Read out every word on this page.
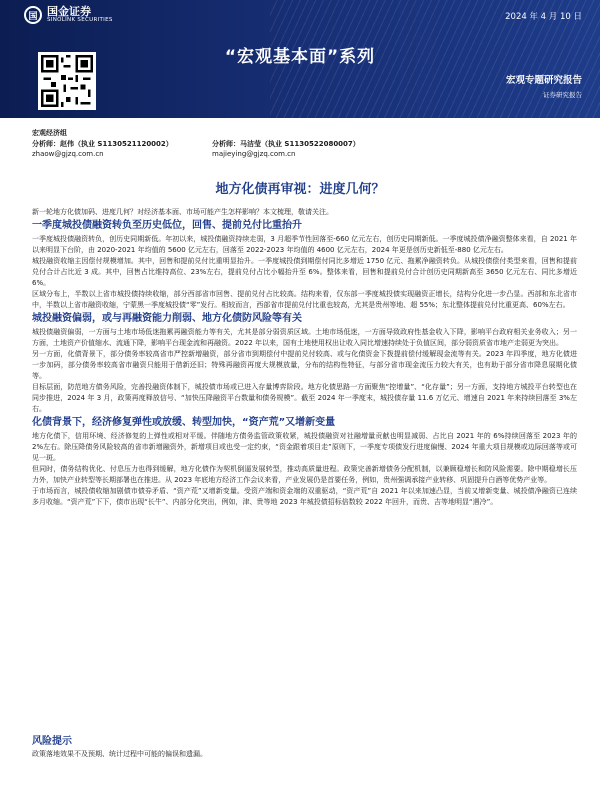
国 国金证券
SINOLINK SECURITIES	2024 年 4 月 10 日
“宏观基本面”系列
宏观专题研究报告
证券研究报告
宏观经济组
分析师：赵伟（执业 S1130521120002）	分析师：马洁莹（执业 S1130522080007）
zhaow@gjzq.com.cn	majieying@gjzq.com.cn
地方化债再审视：进度几何？

新一轮地方化债加码、进度几何？对经济基本面、市场可能产生怎样影响？本文梳理，敬请关注。

一季度城投债融资转负至历史低位，回售、提前兑付比重抬升

一季度城投债融资转负，创历史同期新低。年初以来，城投债融资持续走弱，3 月超季节性回落至-660 亿元左右，创历史同期新低。一季度城投债净融资整体来看，自 2021 年以来明显下台阶，由 2020-2021 年均值的 5600 亿元左右，回落至 2022-2023 年均值的 4600 亿元左右，2024 年更是创历史新低至-880 亿元左右。

城投融资收缩主因偿付规模增加。其中，回售和提前兑付比重明显抬升。一季度城投债到期偿付同比多增近 1750 亿元、拖累净融资转负。从城投债偿付类型来看，回售和提前兑付合计占比近 3 成。其中，回售占比维持高位、23%左右，提前兑付占比小幅抬升至 6%。整体来看，回售和提前兑付合计创历史同期新高至 3650 亿元左右、同比多增近 6%。

区域分布上，半数以上省市城投债持续收缩，部分西部省市回售、提前兑付占比较高。结构来看，仅东部一季度城投债实现融资正增长，结构分化进一步凸显。西部和东北省市中，半数以上省市融资收缩，宁蒙黑一季度城投债“零”发行。相较而言，西部省市提前兑付比重也较高，尤其是贵州等地、超 55%；东北整体提前兑付比重更高、60%左右。

城投融资偏弱，或与再融资能力削弱、地方化债防风险等有关

城投债融资偏弱，一方面与土地市场低迷拖累再融资能力等有关，尤其是部分弱资质区域。土地市场低迷，一方面导致政府性基金收入下降，影响平台政府相关业务收入；另一方面，土地资产价值缩水、流通下降，影响平台现金流和再融资。2022 年以来，国有土地使用权出让收入同比增速持续处于负值区间，部分弱资质省市地产走弱更为突出。

另一方面，化债背景下，部分债务率较高省市严控新增融资，部分省市到期偿付中提前兑付较高、或与化债资金下拨提前偿付缓解现金流等有关。2023 年四季度，地方化债进一步加码，部分债务率较高省市融资只能用于借新还旧；特殊再融资再度大规模放量，分布的结构性特征，与部分省市现金流压力较大有关，也有助于部分省市降息展期化债等。

目标层面，防范地方债务风险，完善投融资体制下，城投债市场或已进入存量博弈阶段。地方化债思路一方面聚焦“控增量”、“化存量”；另一方面，支持地方城投平台转型也在同步推进，2024 年 3 月，政策再度释放信号、“加快压降融资平台数量和债务规模”。截至 2024 年一季度末，城投债存量 11.6 万亿元、增速自 2021 年来持续回落至 3%左右。

化债背景下，经济修复弹性或放缓、转型加快，“资产荒”又增新变量

地方化债下，信用环境、经济修复的上弹性或相对平缓。伴随地方债务监管政策收紧，城投债融资对社融增量贡献也明显减弱、占比自 2021 年的 6%持续回落至 2023 年的 2%左右。除压降债务风险较高的省市新增融资外，新增项目或也受一定约束，“资金跟着项目走”原则下，一季度专项债发行进度偏慢、2024 年重大项目规模或边际回落等或可见一斑。

但同时，债务结构优化、付息压力也得到缓解，地方化债作为契机倒逼发展转型，推动高质量进程。政策完善新增债务分配机制，以兼顾稳增长和防风险需要。除中期稳增长压力外，加快产业转型等长期部署也在推进。从 2023 年底地方经济工作会议来看，产业发展仍是首要任务，例如，贵州强调承接产业转移、巩固提升白酒等优势产业等。

于市场而言，城投债收缩加剧债市债券矛盾、“资产荒”又增新变量。受资产端和资金端的双重驱动，“资产荒”自 2021 年以来加速凸显，当前又增新变量、城投债净融资已连续多月收缩。“资产荒”下下，债市出现“长牛”、内部分化突出，例如，津、贵等地 2023 年城投债招标倍数较 2022 年回升，而贵、吉等地明显“遇冷”。

风险提示
政策落地效果不及预期、统计过程中可能的偏误和遗漏。
